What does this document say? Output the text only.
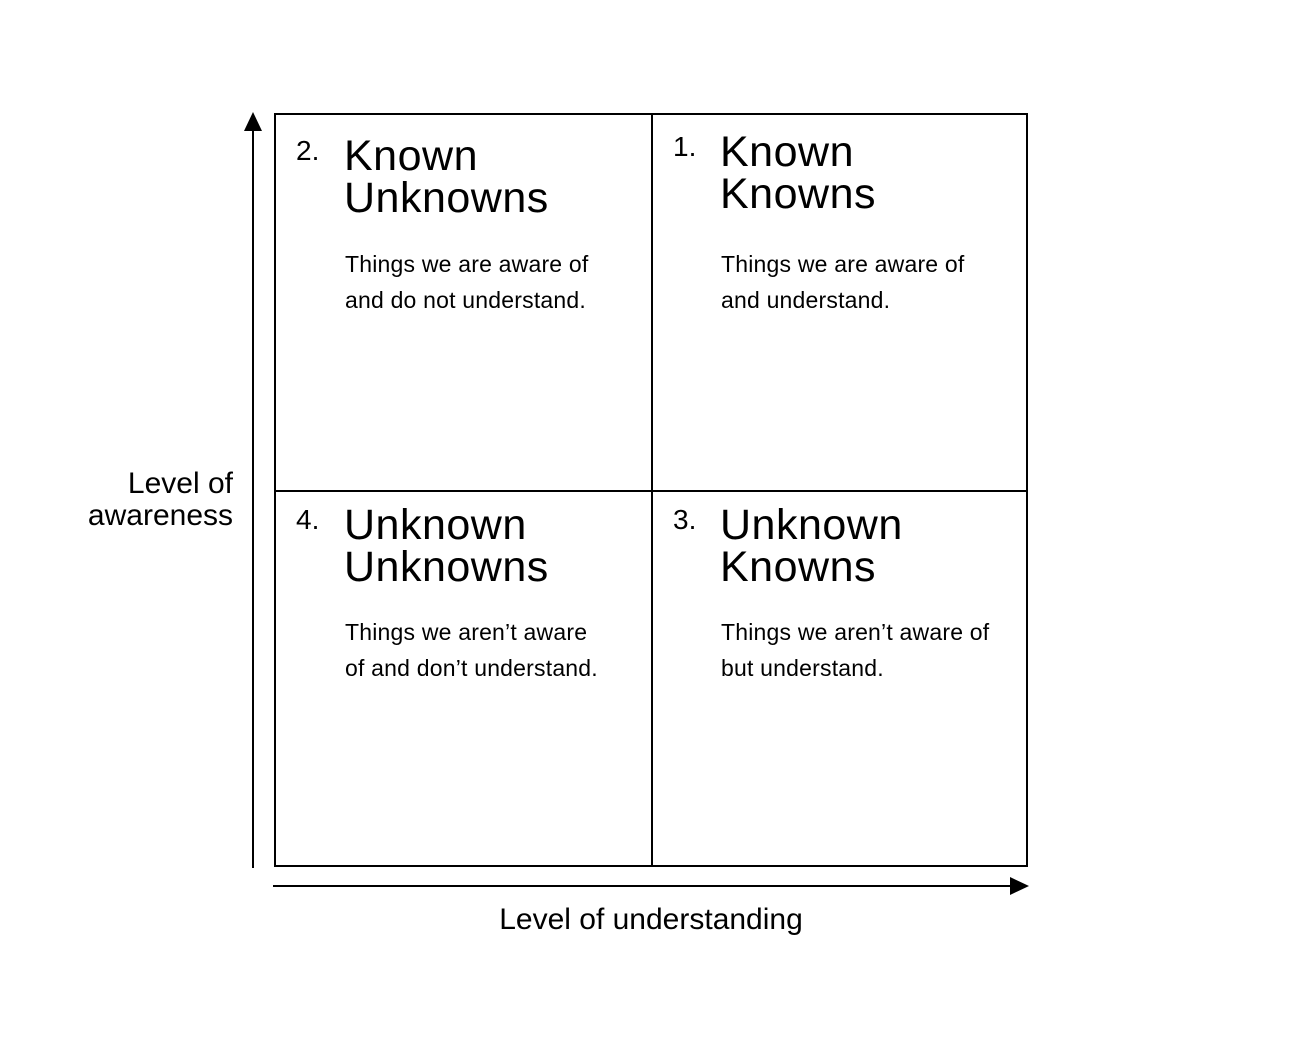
Level of
awareness
2. Known
Unknowns
Things we are aware of
and do not understand.
1. Known
Knowns
Things we are aware of
and understand.
4. Unknown
Unknowns
Things we aren’t aware
of and don’t understand.
3. Unknown
Knowns
Things we aren’t aware of
but understand.
Level of understanding
